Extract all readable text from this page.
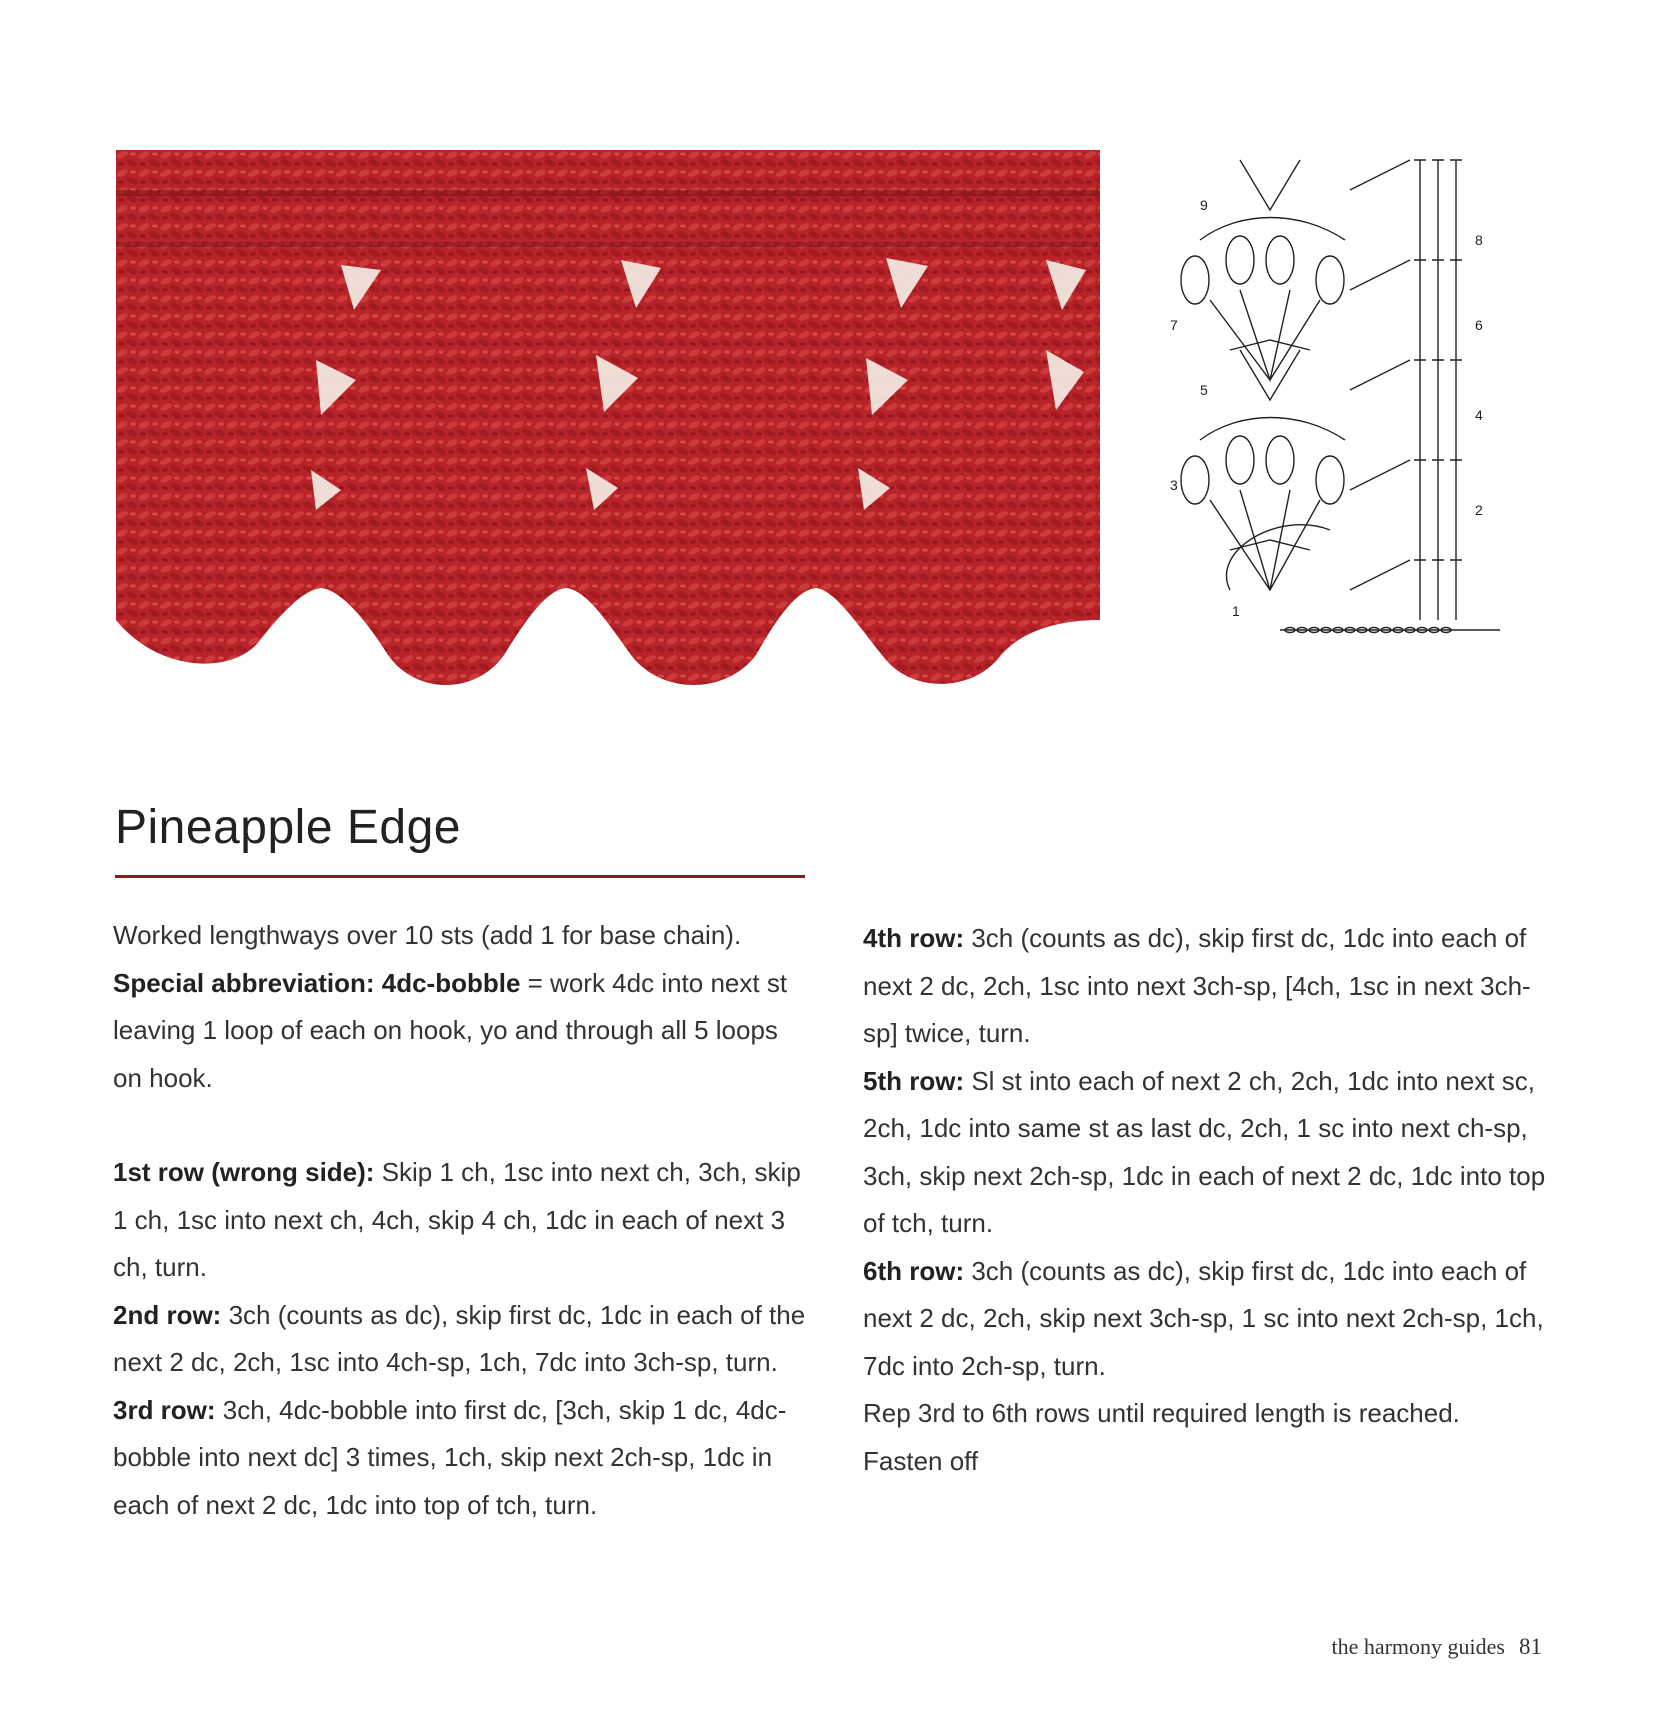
1
2
3
4
5
6
7
8
9
Pineapple Edge

Worked lengthways over 10 sts (add 1 for base chain).

Special abbreviation: 4dc-bobble = work 4dc into next st leaving 1 loop of each on hook, yo and through all 5 loops on hook.

1st row (wrong side): Skip 1 ch, 1sc into next ch, 3ch, skip 1 ch, 1sc into next ch, 4ch, skip 4 ch, 1dc in each of next 3 ch, turn.

2nd row: 3ch (counts as dc), skip first dc, 1dc in each of the next 2 dc, 2ch, 1sc into 4ch-sp, 1ch, 7dc into 3ch-sp, turn.

3rd row: 3ch, 4dc-bobble into first dc, [3ch, skip 1 dc, 4dc-bobble into next dc] 3 times, 1ch, skip next 2ch-sp, 1dc in each of next 2 dc, 1dc into top of tch, turn.

4th row: 3ch (counts as dc), skip first dc, 1dc into each of next 2 dc, 2ch, 1sc into next 3ch-sp, [4ch, 1sc in next 3ch-sp] twice, turn.

5th row: Sl st into each of next 2 ch, 2ch, 1dc into next sc, 2ch, 1dc into same st as last dc, 2ch, 1 sc into next ch-sp, 3ch, skip next 2ch-sp, 1dc in each of next 2 dc, 1dc into top of tch, turn.

6th row: 3ch (counts as dc), skip first dc, 1dc into each of next 2 dc, 2ch, skip next 3ch-sp, 1 sc into next 2ch-sp, 1ch, 7dc into 2ch-sp, turn.

Rep 3rd to 6th rows until required length is reached.

Fasten off

the harmony guides 81
